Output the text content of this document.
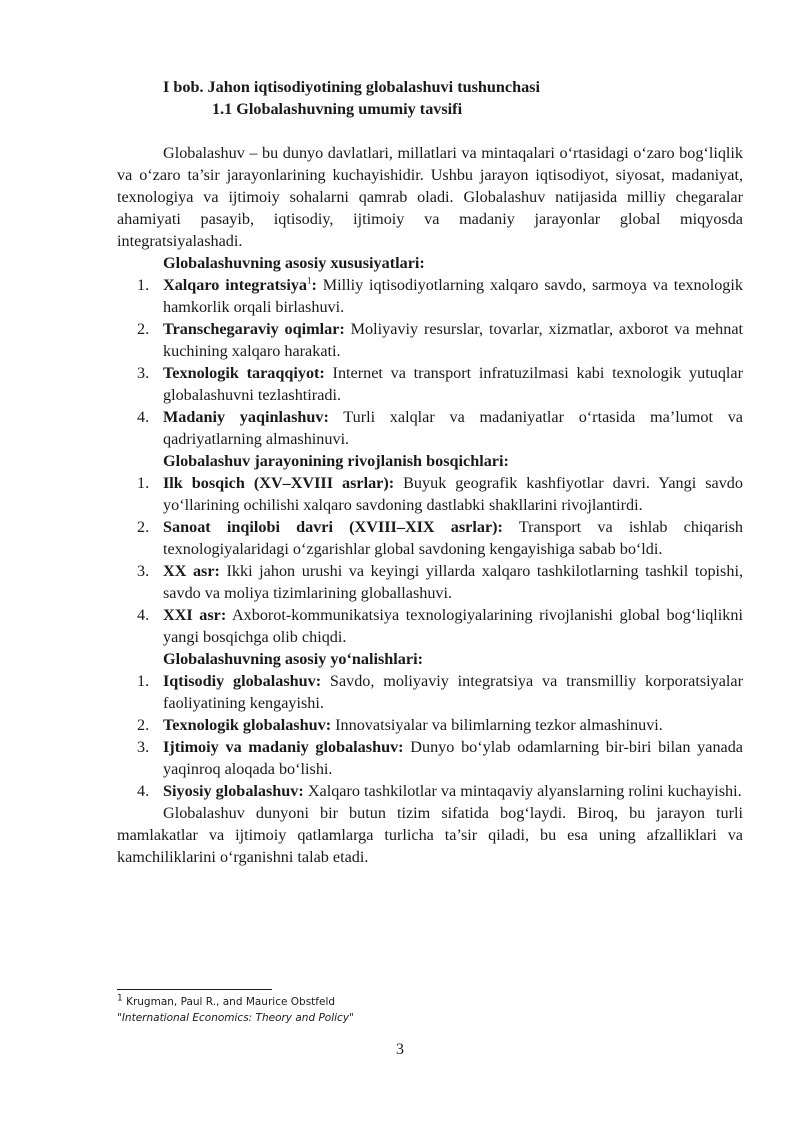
I bob. Jahon iqtisodiyotining globalashuvi tushunchasi

1.1 Globalashuvning umumiy tavsifi

Globalashuv – bu dunyo davlatlari, millatlari va mintaqalari o‘rtasidagi o‘zaro bog‘liqlik va o‘zaro ta’sir jarayonlarining kuchayishidir. Ushbu jarayon iqtisodiyot, siyosat, madaniyat, texnologiya va ijtimoiy sohalarni qamrab oladi. Globalashuv natijasida milliy chegaralar ahamiyati pasayib, iqtisodiy, ijtimoiy va madaniy jarayonlar global miqyosda integratsiyalashadi.

Globalashuvning asosiy xususiyatlari:

1. Xalqaro integratsiya$^1$: Milliy iqtisodiyotlarning xalqaro savdo, sarmoya va texnologik hamkorlik orqali birlashuvi.
2. Transchegaraviy oqimlar: Moliyaviy resurslar, tovarlar, xizmatlar, axborot va mehnat kuchining xalqaro harakati.
3. Texnologik taraqqiyot: Internet va transport infratuzilmasi kabi texnologik yutuqlar globalashuvni tezlashtiradi.
4. Madaniy yaqinlashuv: Turli xalqlar va madaniyatlar o‘rtasida ma’lumot va qadriyatlarning almashinuvi.

Globalashuv jarayonining rivojlanish bosqichlari:

1. Ilk bosqich (XV–XVIII asrlar): Buyuk geografik kashfiyotlar davri. Yangi savdo yo‘llarining ochilishi xalqaro savdoning dastlabki shakllarini rivojlantirdi.
2. Sanoat inqilobi davri (XVIII–XIX asrlar): Transport va ishlab chiqarish texnologiyalaridagi o‘zgarishlar global savdoning kengayishiga sabab bo‘ldi.
3. XX asr: Ikki jahon urushi va keyingi yillarda xalqaro tashkilotlarning tashkil topishi, savdo va moliya tizimlarining globallashuvi.
4. XXI asr: Axborot-kommunikatsiya texnologiyalarining rivojlanishi global bog‘liqlikni yangi bosqichga olib chiqdi.

Globalashuvning asosiy yo‘nalishlari:

1. Iqtisodiy globalashuv: Savdo, moliyaviy integratsiya va transmilliy korporatsiyalar faoliyatining kengayishi.
2. Texnologik globalashuv: Innovatsiyalar va bilimlarning tezkor almashinuvi.
3. Ijtimoiy va madaniy globalashuv: Dunyo bo‘ylab odamlarning bir-biri bilan yanada yaqinroq aloqada bo‘lishi.
4. Siyosiy globalashuv: Xalqaro tashkilotlar va mintaqaviy alyanslarning rolini kuchayishi.

Globalashuv dunyoni bir butun tizim sifatida bog‘laydi. Biroq, bu jarayon turli mamlakatlar va ijtimoiy qatlamlarga turlicha ta’sir qiladi, bu esa uning afzalliklari va kamchiliklarini o‘rganishni talab etadi.

$^1$ Krugman, Paul R., and Maurice Obstfeld
"International Economics: Theory and Policy"
3
